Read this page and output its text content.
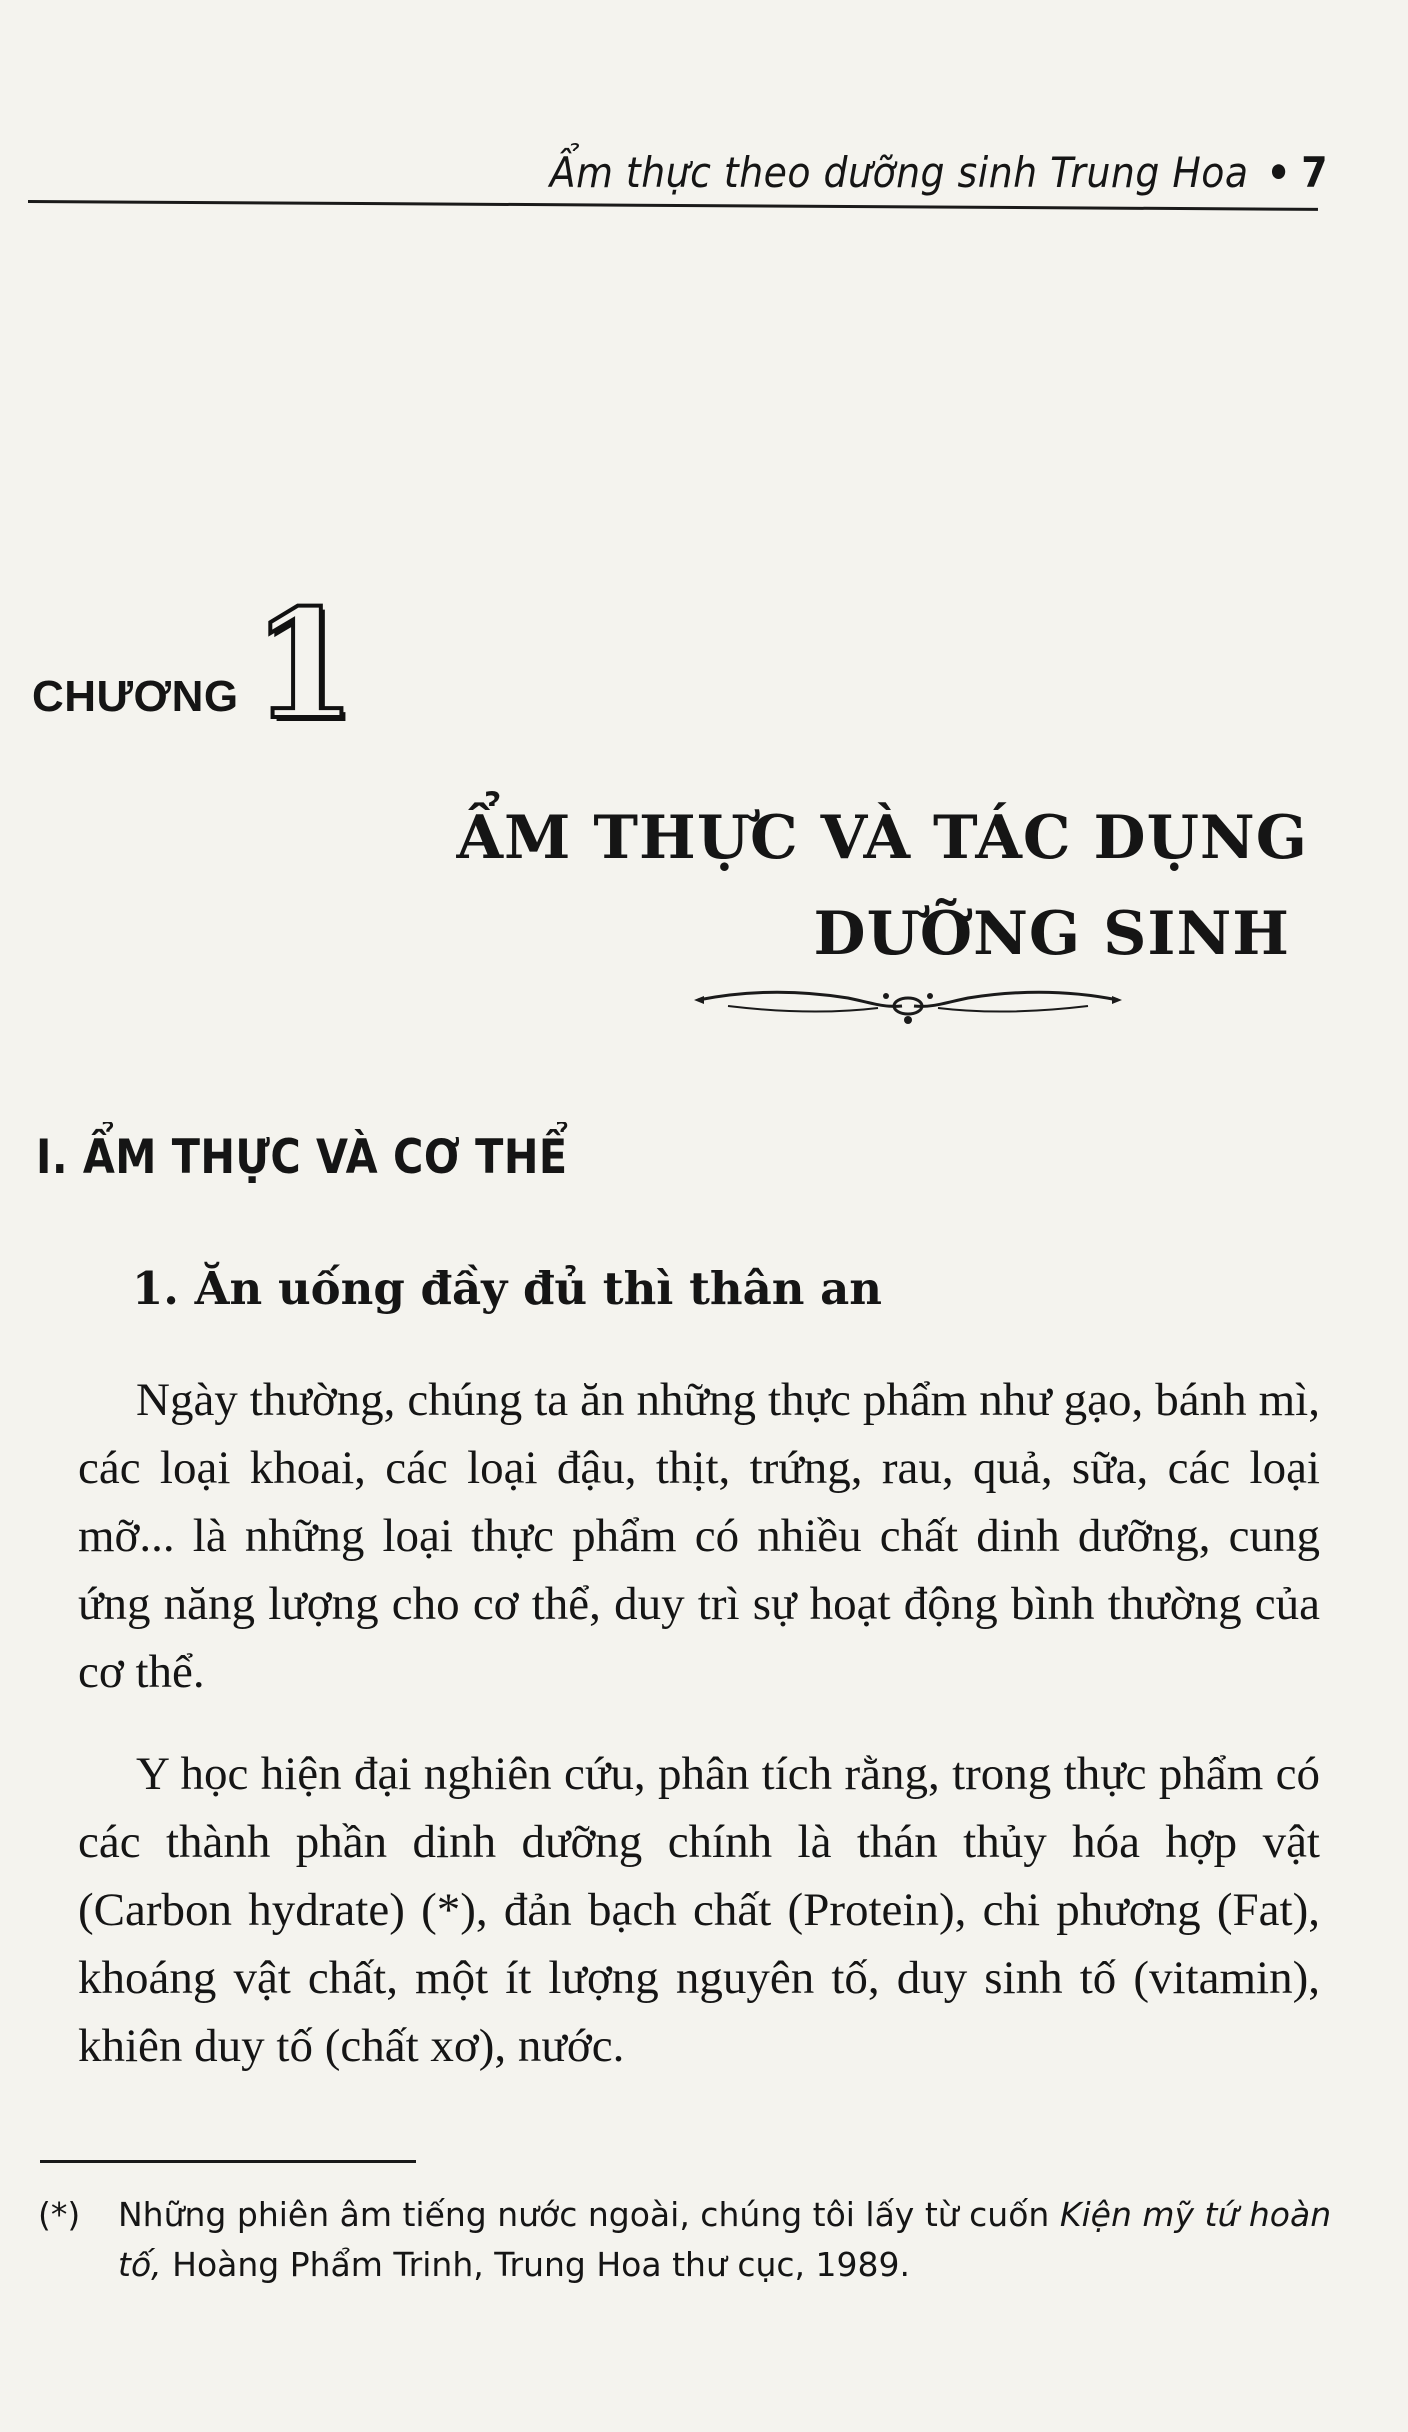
Ẩm thực theo dưỡng sinh Trung Hoa • 7
CHƯƠNG 1
ẨM THỰC VÀ TÁC DỤNG
DƯỠNG SINH
I. ẨM THỰC VÀ CƠ THỂ
1. Ăn uống đầy đủ thì thân an

Ngày thường, chúng ta ăn những thực phẩm như gạo, bánh mì, các loại khoai, các loại đậu, thịt, trứng, rau, quả, sữa, các loại mỡ... là những loại thực phẩm có nhiều chất dinh dưỡng, cung ứng năng lượng cho cơ thể, duy trì sự hoạt động bình thường của cơ thể.

Y học hiện đại nghiên cứu, phân tích rằng, trong thực phẩm có các thành phần dinh dưỡng chính là thán thủy hóa hợp vật (Carbon hydrate) (*), đản bạch chất (Protein), chi phương (Fat), khoáng vật chất, một ít lượng nguyên tố, duy sinh tố (vitamin), khiên duy tố (chất xơ), nước.

(*) Những phiên âm tiếng nước ngoài, chúng tôi lấy từ cuốn Kiện mỹ tứ hoàn
tố, Hoàng Phẩm Trinh, Trung Hoa thư cục, 1989.
